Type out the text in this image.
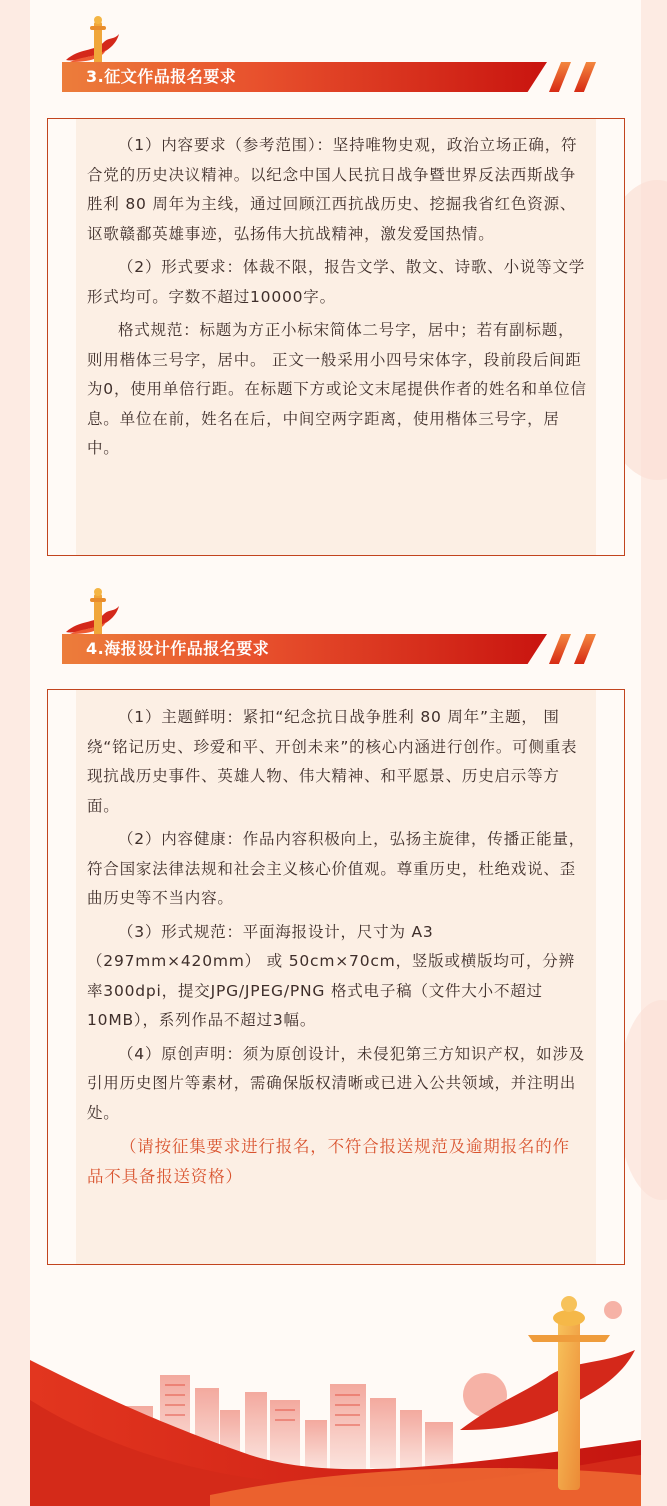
3.征文作品报名要求

（1）内容要求（参考范围）：坚持唯物史观，政治立场正确，符合党的历史决议精神。以纪念中国人民抗日战争暨世界反法西斯战争胜利 80 周年为主线，通过回顾江西抗战历史、挖掘我省红色资源、讴歌赣鄱英雄事迹，弘扬伟大抗战精神，激发爱国热情。

（2）形式要求：体裁不限，报告文学、散文、诗歌、小说等文学形式均可。字数不超过10000字。

格式规范：标题为方正小标宋简体二号字，居中；若有副标题，则用楷体三号字，居中。 正文一般采用小四号宋体字，段前段后间距为0，使用单倍行距。在标题下方或论文末尾提供作者的姓名和单位信息。单位在前，姓名在后，中间空两字距离，使用楷体三号字，居中。

4.海报设计作品报名要求

（1）主题鲜明：紧扣“纪念抗日战争胜利 80 周年”主题， 围绕“铭记历史、珍爱和平、开创未来”的核心内涵进行创作。可侧重表现抗战历史事件、英雄人物、伟大精神、和平愿景、历史启示等方面。

（2）内容健康：作品内容积极向上，弘扬主旋律，传播正能量，符合国家法律法规和社会主义核心价值观。尊重历史，杜绝戏说、歪曲历史等不当内容。

（3）形式规范：平面海报设计，尺寸为 A3（297mm×420mm） 或 50cm×70cm，竖版或横版均可，分辨率300dpi，提交JPG/JPEG/PNG 格式电子稿（文件大小不超过10MB），系列作品不超过3幅。

（4）原创声明：须为原创设计，未侵犯第三方知识产权，如涉及引用历史图片等素材，需确保版权清晰或已进入公共领域，并注明出处。

（请按征集要求进行报名，不符合报送规范及逾期报名的作品不具备报送资格）
